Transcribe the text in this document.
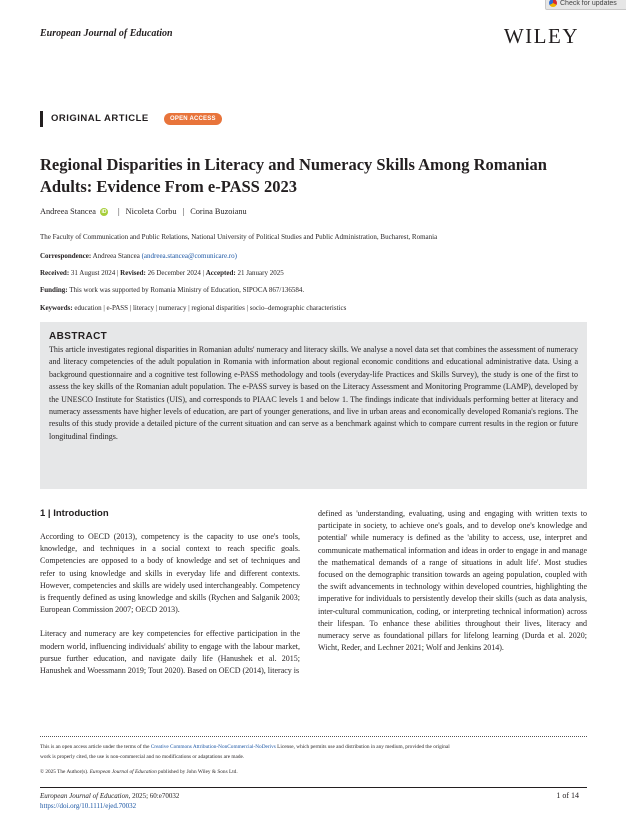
Check for updates
European Journal of Education	WILEY
ORIGINAL ARTICLE	OPEN ACCESS
Regional Disparities in Literacy and Numeracy Skills Among Romanian Adults: Evidence From e-PASS 2023
Andreea Stancea	iD | Nicoleta Corbu | Corina Buzoianu
The Faculty of Communication and Public Relations, National University of Political Studies and Public Administration, Bucharest, Romania
Correspondence: Andreea Stancea (andreea.stancea@comunicare.ro)
Received: 31 August 2024 | Revised: 26 December 2024 | Accepted: 21 January 2025
Funding: This work was supported by Romania Ministry of Education, SIPOCA 867/136584.
Keywords: education | e-PASS | literacy | numeracy | regional disparities | socio–demographic characteristics
ABSTRACT
This article investigates regional disparities in Romanian adults' numeracy and literacy skills. We analyse a novel data set that combines the assessment of numeracy and literacy competencies of the adult population in Romania with information about regional economic conditions and educational administrative data. Using a background questionnaire and a cognitive test following e-PASS methodology and tools (everyday-life Practices and Skills Survey), the study is one of the first to assess the key skills of the Romanian adult population. The e-PASS survey is based on the Literacy Assessment and Monitoring Programme (LAMP), developed by the UNESCO Institute for Statistics (UIS), and corresponds to PIAAC levels 1 and below 1. The findings indicate that individuals performing better at literacy and numeracy assessments have higher levels of education, are part of younger generations, and live in urban areas and economically developed Romania's regions. The results of this study provide a detailed picture of the current situation and can serve as a benchmark against which to compare current results in the region or future longitudinal findings.
1 | Introduction

According to OECD (2013), competency is the capacity to use one's tools, knowledge, and techniques in a social context to reach specific goals. Competencies are opposed to a body of knowledge and set of techniques and refer to using knowledge and skills in everyday life and different contexts. However, competencies and skills are widely used interchangeably. Competency is frequently defined as using knowledge and skills (Rychen and Salganik 2003; European Commission 2007; OECD 2013).

Literacy and numeracy are key competencies for effective participation in the modern world, influencing individuals' ability to engage with the labour market, pursue further education, and navigate daily life (Hanushek et al. 2015; Hanushek and Woessmann 2019; Tout 2020). Based on OECD (2014), literacy is

defined as 'understanding, evaluating, using and engaging with written texts to participate in society, to achieve one's goals, and to develop one's knowledge and potential' while numeracy is defined as the 'ability to access, use, interpret and communicate mathematical information and ideas in order to engage in and manage the mathematical demands of a range of situations in adult life'. Most studies focused on the demographic transition towards an ageing population, coupled with the swift advancements in technology within developed countries, highlighting the imperative for individuals to persistently develop their skills (such as data analysis, inter-cultural communication, coding, or interpreting technical information) across their lifespan. To enhance these abilities throughout their lives, literacy and numeracy serve as foundational pillars for lifelong learning (Durda et al. 2020; Wicht, Reder, and Lechner 2021; Wolf and Jenkins 2014).

This is an open access article under the terms of the Creative Commons Attribution-NonCommercial-NoDerivs License, which permits use and distribution in any medium, provided the original
work is properly cited, the use is non-commercial and no modifications or adaptations are made.
© 2025 The Author(s). European Journal of Education published by John Wiley & Sons Ltd.
European Journal of Education, 2025; 60:e70032
https://doi.org/10.1111/ejed.70032
1 of 14
